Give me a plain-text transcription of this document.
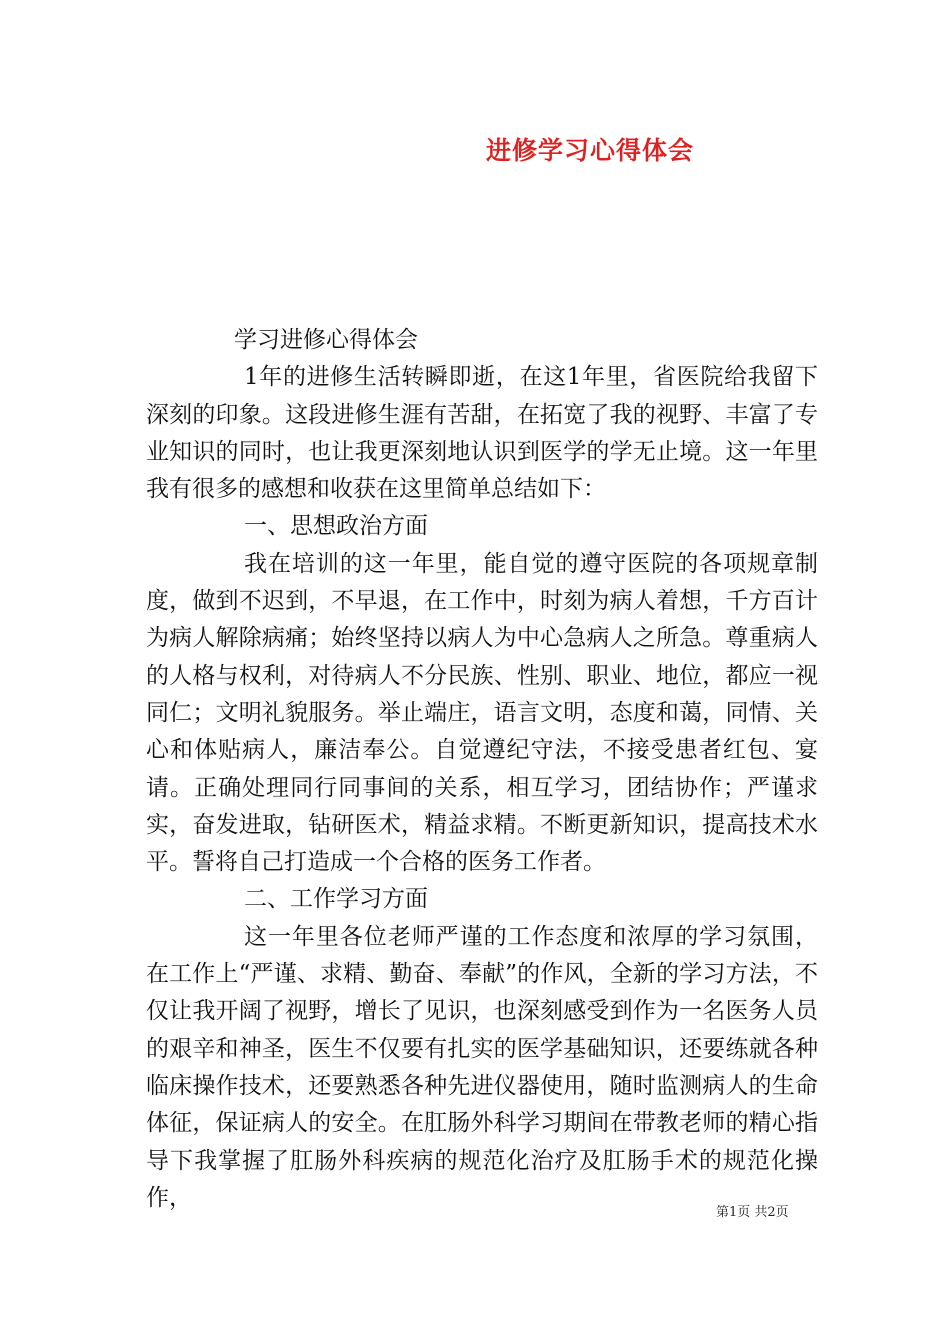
进修学习心得体会

学习进修心得体会

1年的进修生活转瞬即逝，在这1年里，省医院给我留下深刻的印象。这段进修生涯有苦甜，在拓宽了我的视野、丰富了专业知识的同时，也让我更深刻地认识到医学的学无止境。这一年里我有很多的感想和收获在这里简单总结如下：

一、思想政治方面

我在培训的这一年里，能自觉的遵守医院的各项规章制度，做到不迟到，不早退，在工作中，时刻为病人着想，千方百计为病人解除病痛；始终坚持以病人为中心急病人之所急。尊重病人的人格与权利，对待病人不分民族、性别、职业、地位，都应一视同仁；文明礼貌服务。举止端庄，语言文明，态度和蔼，同情、关心和体贴病人，廉洁奉公。自觉遵纪守法，不接受患者红包、宴请。正确处理同行同事间的关系，相互学习，团结协作；严谨求实，奋发进取，钻研医术，精益求精。不断更新知识，提高技术水平。誓将自己打造成一个合格的医务工作者。

二、工作学习方面

这一年里各位老师严谨的工作态度和浓厚的学习氛围，在工作上“严谨、求精、勤奋、奉献”的作风，全新的学习方法，不仅让我开阔了视野，增长了见识，也深刻感受到作为一名医务人员的艰辛和神圣，医生不仅要有扎实的医学基础知识，还要练就各种临床操作技术，还要熟悉各种先进仪器使用，随时监测病人的生命体征，保证病人的安全。在肛肠外科学习期间在带教老师的精心指导下我掌握了肛肠外科疾病的规范化治疗及肛肠手术的规范化操作，

第1页 共2页
